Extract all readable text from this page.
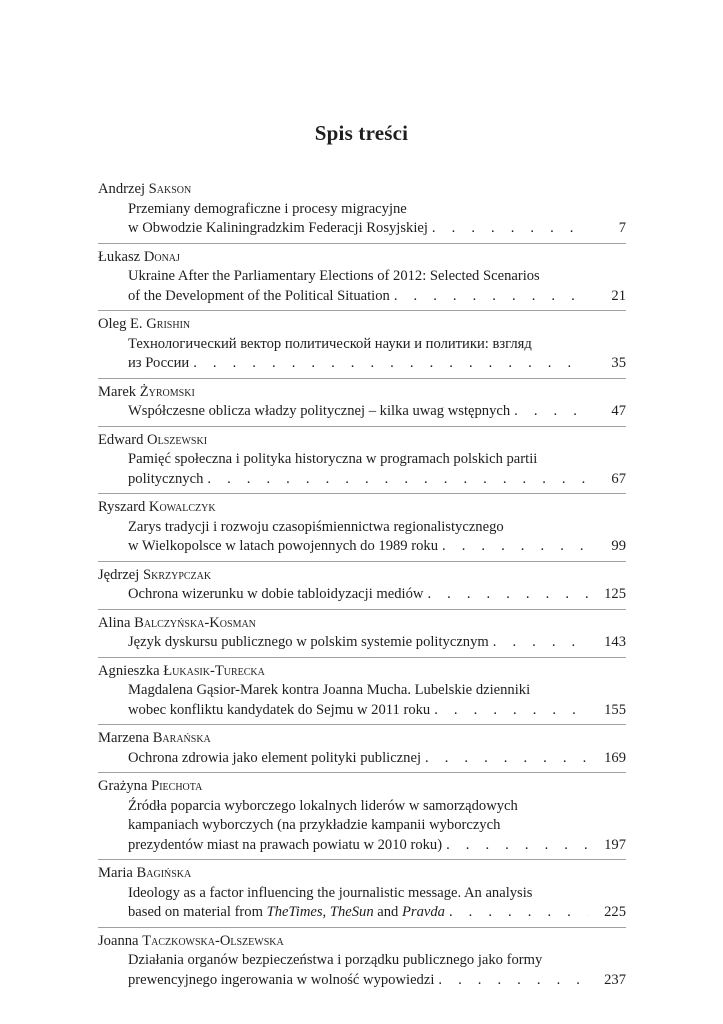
Spis treści
Andrzej Sakson
Przemiany demograficzne i procesy migracyjne
w Obwodzie Kaliningradzkim Federacji Rosyjskiej . . .	7
Łukasz Donaj
Ukraine After the Parliamentary Elections of 2012: Selected Scenarios
of the Development of the Political Situation . . .	21
Oleg E. Grishin
Технологический вектор политической науки и политики: взгляд
из России . . .	35
Marek Żyromski
Współczesne oblicza władzy politycznej – kilka uwag wstępnych . . .	47
Edward Olszewski
Pamięć społeczna i polityka historyczna w programach polskich partii
politycznych . . .	67
Ryszard Kowalczyk
Zarys tradycji i rozwoju czasopiśmiennictwa regionalistycznego
w Wielkopolsce w latach powojennych do 1989 roku . . .	99
Jędrzej Skrzypczak
Ochrona wizerunku w dobie tabloidyzacji mediów . . .	125
Alina Balczyńska-Kosman
Język dyskursu publicznego w polskim systemie politycznym . . .	143
Agnieszka Łukasik-Turecka
Magdalena Gąsior-Marek kontra Joanna Mucha. Lubelskie dzienniki
wobec konfliktu kandydatek do Sejmu w 2011 roku . . .	155
Marzena Barańska
Ochrona zdrowia jako element polityki publicznej . . .	169
Grażyna Piechota
Źródła poparcia wyborczego lokalnych liderów w samorządowych
kampaniach wyborczych (na przykładzie kampanii wyborczych
prezydentów miast na prawach powiatu w 2010 roku) . . .	197
Maria Bagińska
Ideology as a factor influencing the journalistic message. An analysis
based on material from TheTimes, TheSun and Pravda . . .	225
Joanna Taczkowska-Olszewska
Działania organów bezpieczeństwa i porządku publicznego jako formy
prewencyjnego ingerowania w wolność wypowiedzi . . .	237
